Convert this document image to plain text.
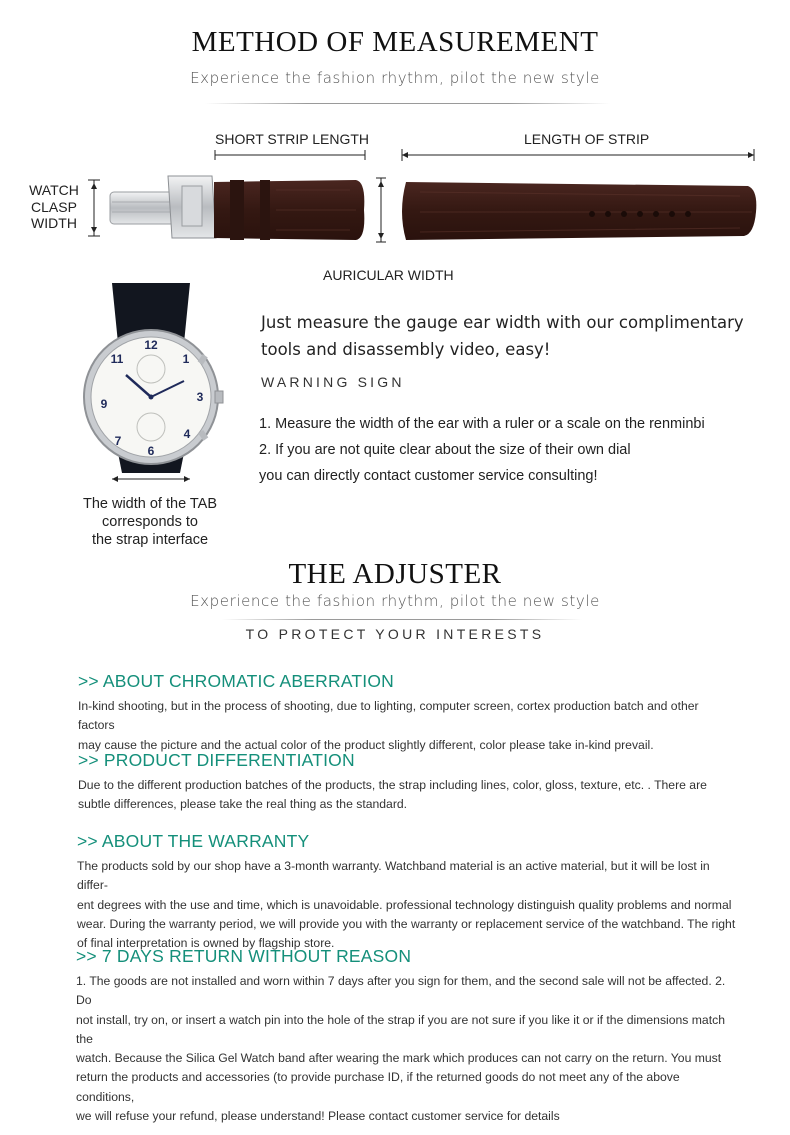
METHOD OF MEASUREMENT
Experience the fashion rhythm, pilot the new style
SHORT STRIP LENGTH	LENGTH OF STRIP
WATCH
CLASP
WIDTH
AURICULAR WIDTH
12
1
3
4
6
7
9
11
The width of the TAB
corresponds to
the strap interface
Just measure the gauge ear width with our complimentary
tools and disassembly video, easy!
WARNING SIGN
1. Measure the width of the ear with a ruler or a scale on the renminbi
2. If you are not quite clear about the size of their own dial
you can directly contact customer service consulting!
THE ADJUSTER
Experience the fashion rhythm, pilot the new style
TO PROTECT YOUR INTERESTS
>> ABOUT CHROMATIC ABERRATION
In-kind shooting, but in the process of shooting, due to lighting, computer screen, cortex production batch and other factors
may cause the picture and the actual color of the product slightly different, color please take in-kind prevail.
>> PRODUCT DIFFERENTIATION
Due to the different production batches of the products, the strap including lines, color, gloss, texture, etc. . There are
subtle differences, please take the real thing as the standard.
>> ABOUT THE WARRANTY
The products sold by our shop have a 3-month warranty. Watchband material is an active material, but it will be lost in differ-
ent degrees with the use and time, which is unavoidable. professional technology distinguish quality problems and normal
wear. During the warranty period, we will provide you with the warranty or replacement service of the watchband. The right
of final interpretation is owned by flagship store.
>> 7 DAYS RETURN WITHOUT REASON
1. The goods are not installed and worn within 7 days after you sign for them, and the second sale will not be affected. 2. Do
not install, try on, or insert a watch pin into the hole of the strap if you are not sure if you like it or if the dimensions match the
watch. Because the Silica Gel Watch band after wearing the mark which produces can not carry on the return. You must
return the products and accessories (to provide purchase ID, if the returned goods do not meet any of the above conditions,
we will refuse your refund, please understand! Please contact customer service for details
